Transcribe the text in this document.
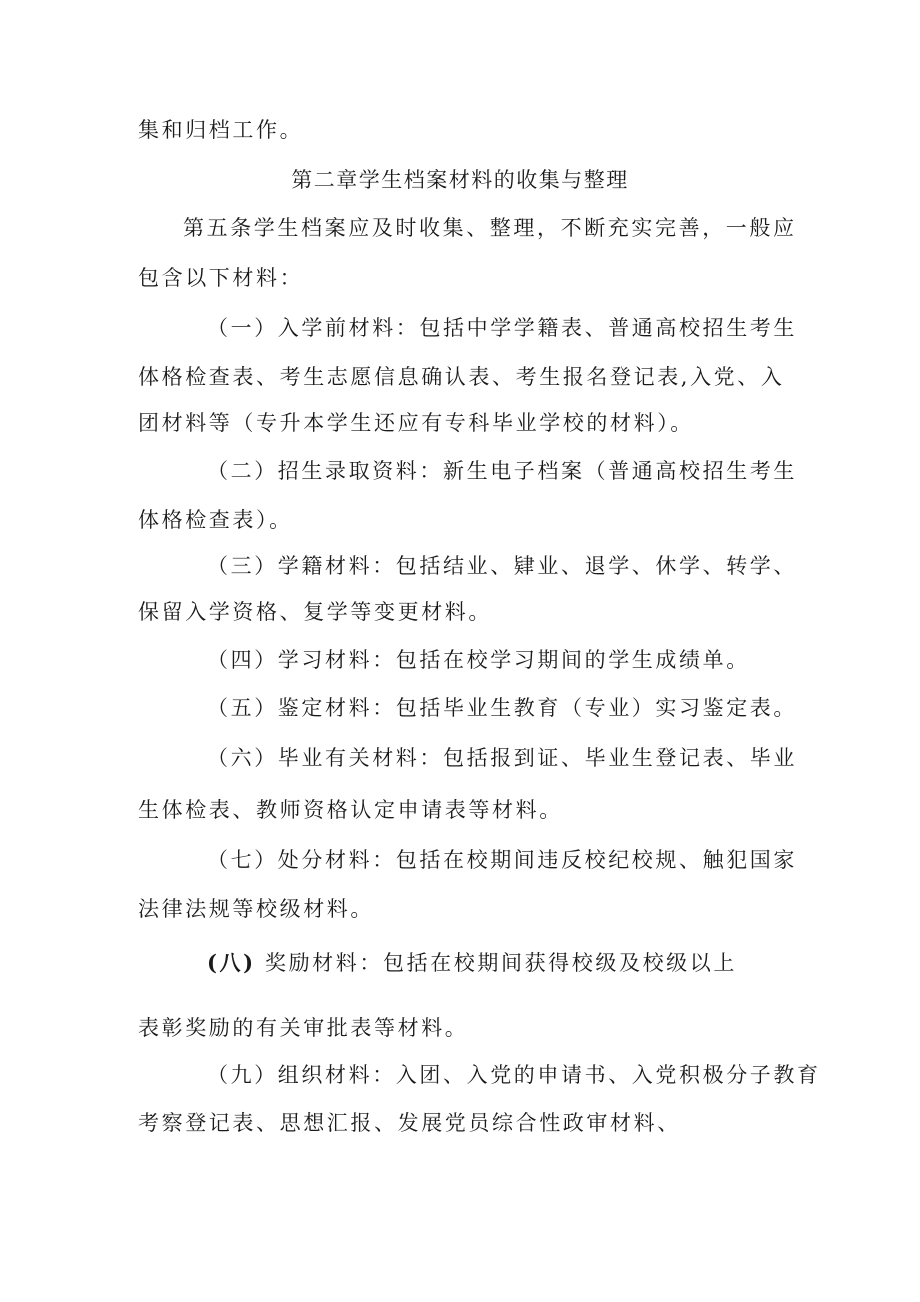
集和归档工作。

第二章学生档案材料的收集与整理

第五条学生档案应及时收集、整理，不断充实完善，一般应

包含以下材料：

（一）入学前材料：包括中学学籍表、普通高校招生考生

体格检查表、考生志愿信息确认表、考生报名登记表,入党、入

团材料等（专升本学生还应有专科毕业学校的材料）。

（二）招生录取资料：新生电子档案（普通高校招生考生

体格检查表）。

（三）学籍材料：包括结业、肄业、退学、休学、转学、

保留入学资格、复学等变更材料。

（四）学习材料：包括在校学习期间的学生成绩单。

（五）鉴定材料：包括毕业生教育（专业）实习鉴定表。

（六）毕业有关材料：包括报到证、毕业生登记表、毕业

生体检表、教师资格认定申请表等材料。

（七）处分材料：包括在校期间违反校纪校规、触犯国家

法律法规等校级材料。

(八) 奖励材料：包括在校期间获得校级及校级以上

表彰奖励的有关审批表等材料。

（九）组织材料：入团、入党的申请书、入党积极分子教育

考察登记表、思想汇报、发展党员综合性政审材料、
